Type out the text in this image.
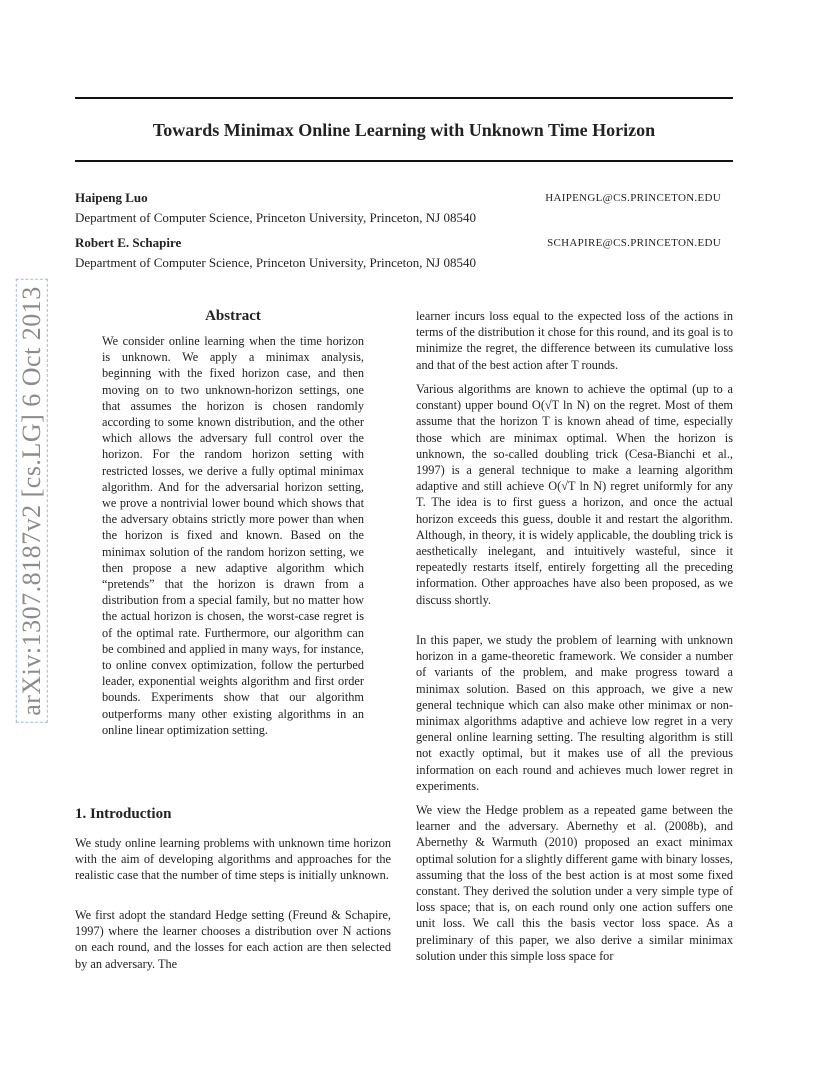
Towards Minimax Online Learning with Unknown Time Horizon
Haipeng Luo	HAIPENGL@CS.PRINCETON.EDU
Department of Computer Science, Princeton University, Princeton, NJ 08540
Robert E. Schapire	SCHAPIRE@CS.PRINCETON.EDU
Department of Computer Science, Princeton University, Princeton, NJ 08540
arXiv:1307.8187v2 [cs.LG] 6 Oct 2013	Abstract

We consider online learning when the time horizon is unknown. We apply a minimax analysis, beginning with the fixed horizon case, and then moving on to two unknown-horizon settings, one that assumes the horizon is chosen randomly according to some known distribution, and the other which allows the adversary full control over the horizon. For the random horizon setting with restricted losses, we derive a fully optimal minimax algorithm. And for the adversarial horizon setting, we prove a nontrivial lower bound which shows that the adversary obtains strictly more power than when the horizon is fixed and known. Based on the minimax solution of the random horizon setting, we then propose a new adaptive algorithm which “pretends” that the horizon is drawn from a distribution from a special family, but no matter how the actual horizon is chosen, the worst-case regret is of the optimal rate. Furthermore, our algorithm can be combined and applied in many ways, for instance, to online convex optimization, follow the perturbed leader, exponential weights algorithm and first order bounds. Experiments show that our algorithm outperforms many other existing algorithms in an online linear optimization setting.

1. Introduction

We study online learning problems with unknown time horizon with the aim of developing algorithms and approaches for the realistic case that the number of time steps is initially unknown.

We first adopt the standard Hedge setting (Freund & Schapire, 1997) where the learner chooses a distribution over N actions on each round, and the losses for each action are then selected by an adversary. The

learner incurs loss equal to the expected loss of the actions in terms of the distribution it chose for this round, and its goal is to minimize the regret, the difference between its cumulative loss and that of the best action after T rounds.

Various algorithms are known to achieve the optimal (up to a constant) upper bound O(√T ln N) on the regret. Most of them assume that the horizon T is known ahead of time, especially those which are minimax optimal. When the horizon is unknown, the so-called doubling trick (Cesa-Bianchi et al., 1997) is a general technique to make a learning algorithm adaptive and still achieve O(√T ln N) regret uniformly for any T. The idea is to first guess a horizon, and once the actual horizon exceeds this guess, double it and restart the algorithm. Although, in theory, it is widely applicable, the doubling trick is aesthetically inelegant, and intuitively wasteful, since it repeatedly restarts itself, entirely forgetting all the preceding information. Other approaches have also been proposed, as we discuss shortly.

In this paper, we study the problem of learning with unknown horizon in a game-theoretic framework. We consider a number of variants of the problem, and make progress toward a minimax solution. Based on this approach, we give a new general technique which can also make other minimax or non-minimax algorithms adaptive and achieve low regret in a very general online learning setting. The resulting algorithm is still not exactly optimal, but it makes use of all the previous information on each round and achieves much lower regret in experiments.

We view the Hedge problem as a repeated game between the learner and the adversary. Abernethy et al. (2008b), and Abernethy & Warmuth (2010) proposed an exact minimax optimal solution for a slightly different game with binary losses, assuming that the loss of the best action is at most some fixed constant. They derived the solution under a very simple type of loss space; that is, on each round only one action suffers one unit loss. We call this the basis vector loss space. As a preliminary of this paper, we also derive a similar minimax solution under this simple loss space for
